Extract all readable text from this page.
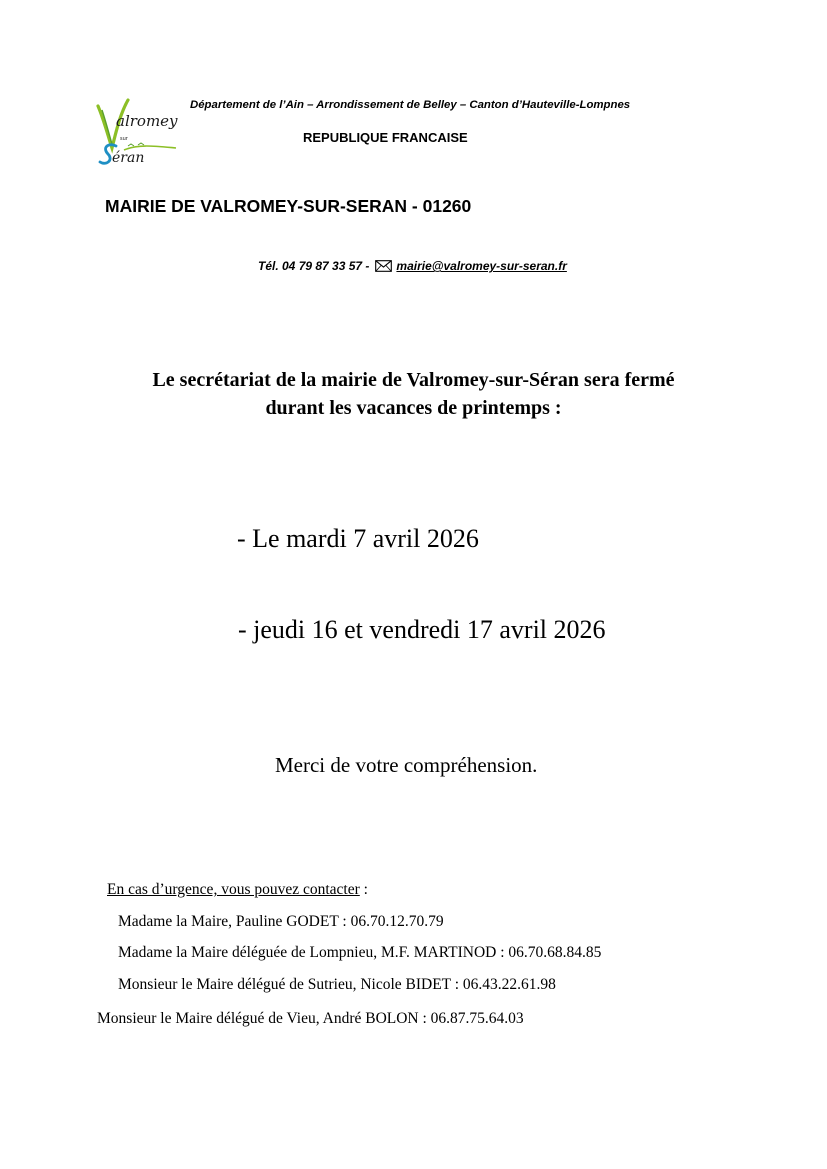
alromey
sur
éran
Département de l’Ain – Arrondissement de Belley – Canton d’Hauteville-Lompnes
REPUBLIQUE FRANCAISE
MAIRIE DE VALROMEY-SUR-SERAN - 01260
Tél. 04 79 87 33 57 - mairie@valromey-sur-seran.fr
Le secrétariat de la mairie de Valromey-sur-Séran sera fermé
durant les vacances de printemps :
- Le mardi 7 avril 2026
- jeudi 16 et vendredi 17 avril 2026
Merci de votre compréhension.
En cas d’urgence, vous pouvez contacter :
Madame la Maire, Pauline GODET : 06.70.12.70.79
Madame la Maire déléguée de Lompnieu, M.F. MARTINOD : 06.70.68.84.85
Monsieur le Maire délégué de Sutrieu, Nicole BIDET : 06.43.22.61.98
Monsieur le Maire délégué de Vieu, André BOLON : 06.87.75.64.03
